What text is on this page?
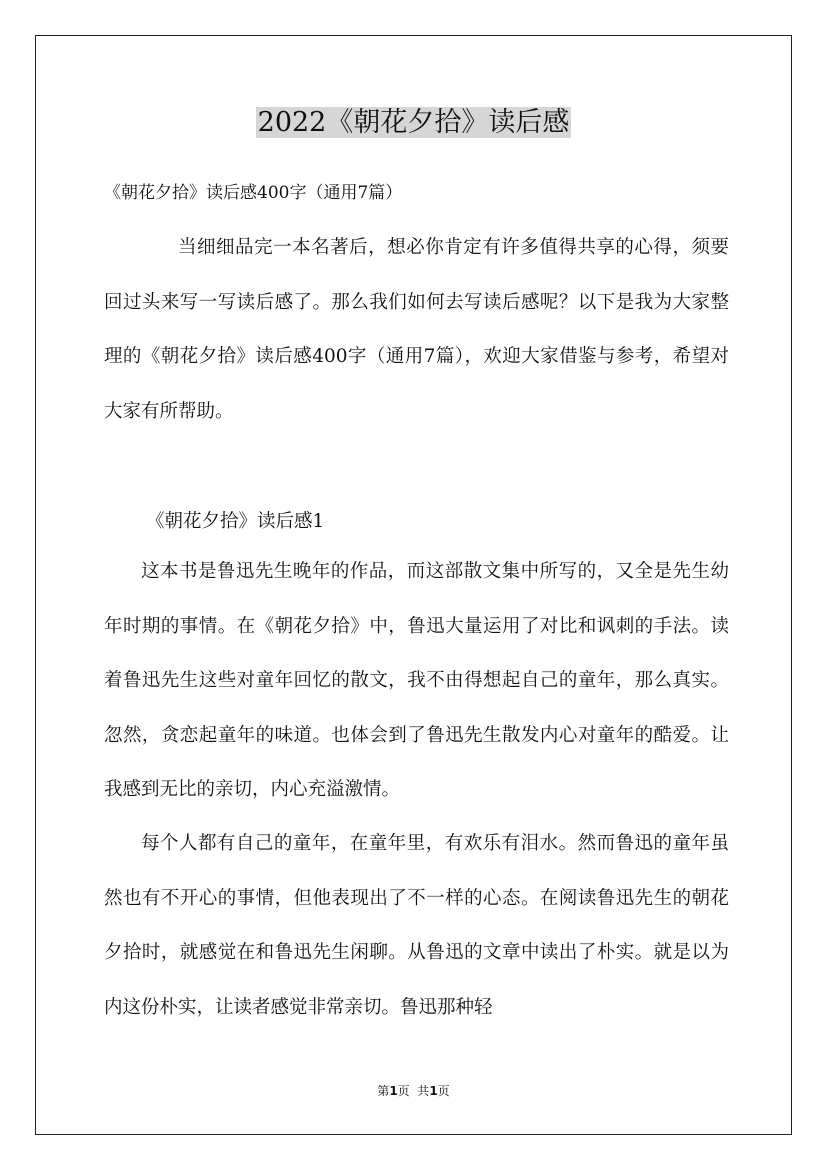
2022《朝花夕拾》读后感

《朝花夕拾》读后感400字（通用7篇）

当细细品完一本名著后，想必你肯定有许多值得共享的心得，须要回过头来写一写读后感了。那么我们如何去写读后感呢？以下是我为大家整理的《朝花夕拾》读后感400字（通用7篇），欢迎大家借鉴与参考，希望对大家有所帮助。

《朝花夕拾》读后感1

这本书是鲁迅先生晚年的作品，而这部散文集中所写的，又全是先生幼年时期的事情。在《朝花夕拾》中，鲁迅大量运用了对比和讽刺的手法。读着鲁迅先生这些对童年回忆的散文，我不由得想起自己的童年，那么真实。忽然，贪恋起童年的味道。也体会到了鲁迅先生散发内心对童年的酷爱。让我感到无比的亲切，内心充溢激情。

每个人都有自己的童年，在童年里，有欢乐有泪水。然而鲁迅的童年虽然也有不开心的事情，但他表现出了不一样的心态。在阅读鲁迅先生的朝花夕拾时，就感觉在和鲁迅先生闲聊。从鲁迅的文章中读出了朴实。就是以为内这份朴实，让读者感觉非常亲切。鲁迅那种轻

第1页  共1页
